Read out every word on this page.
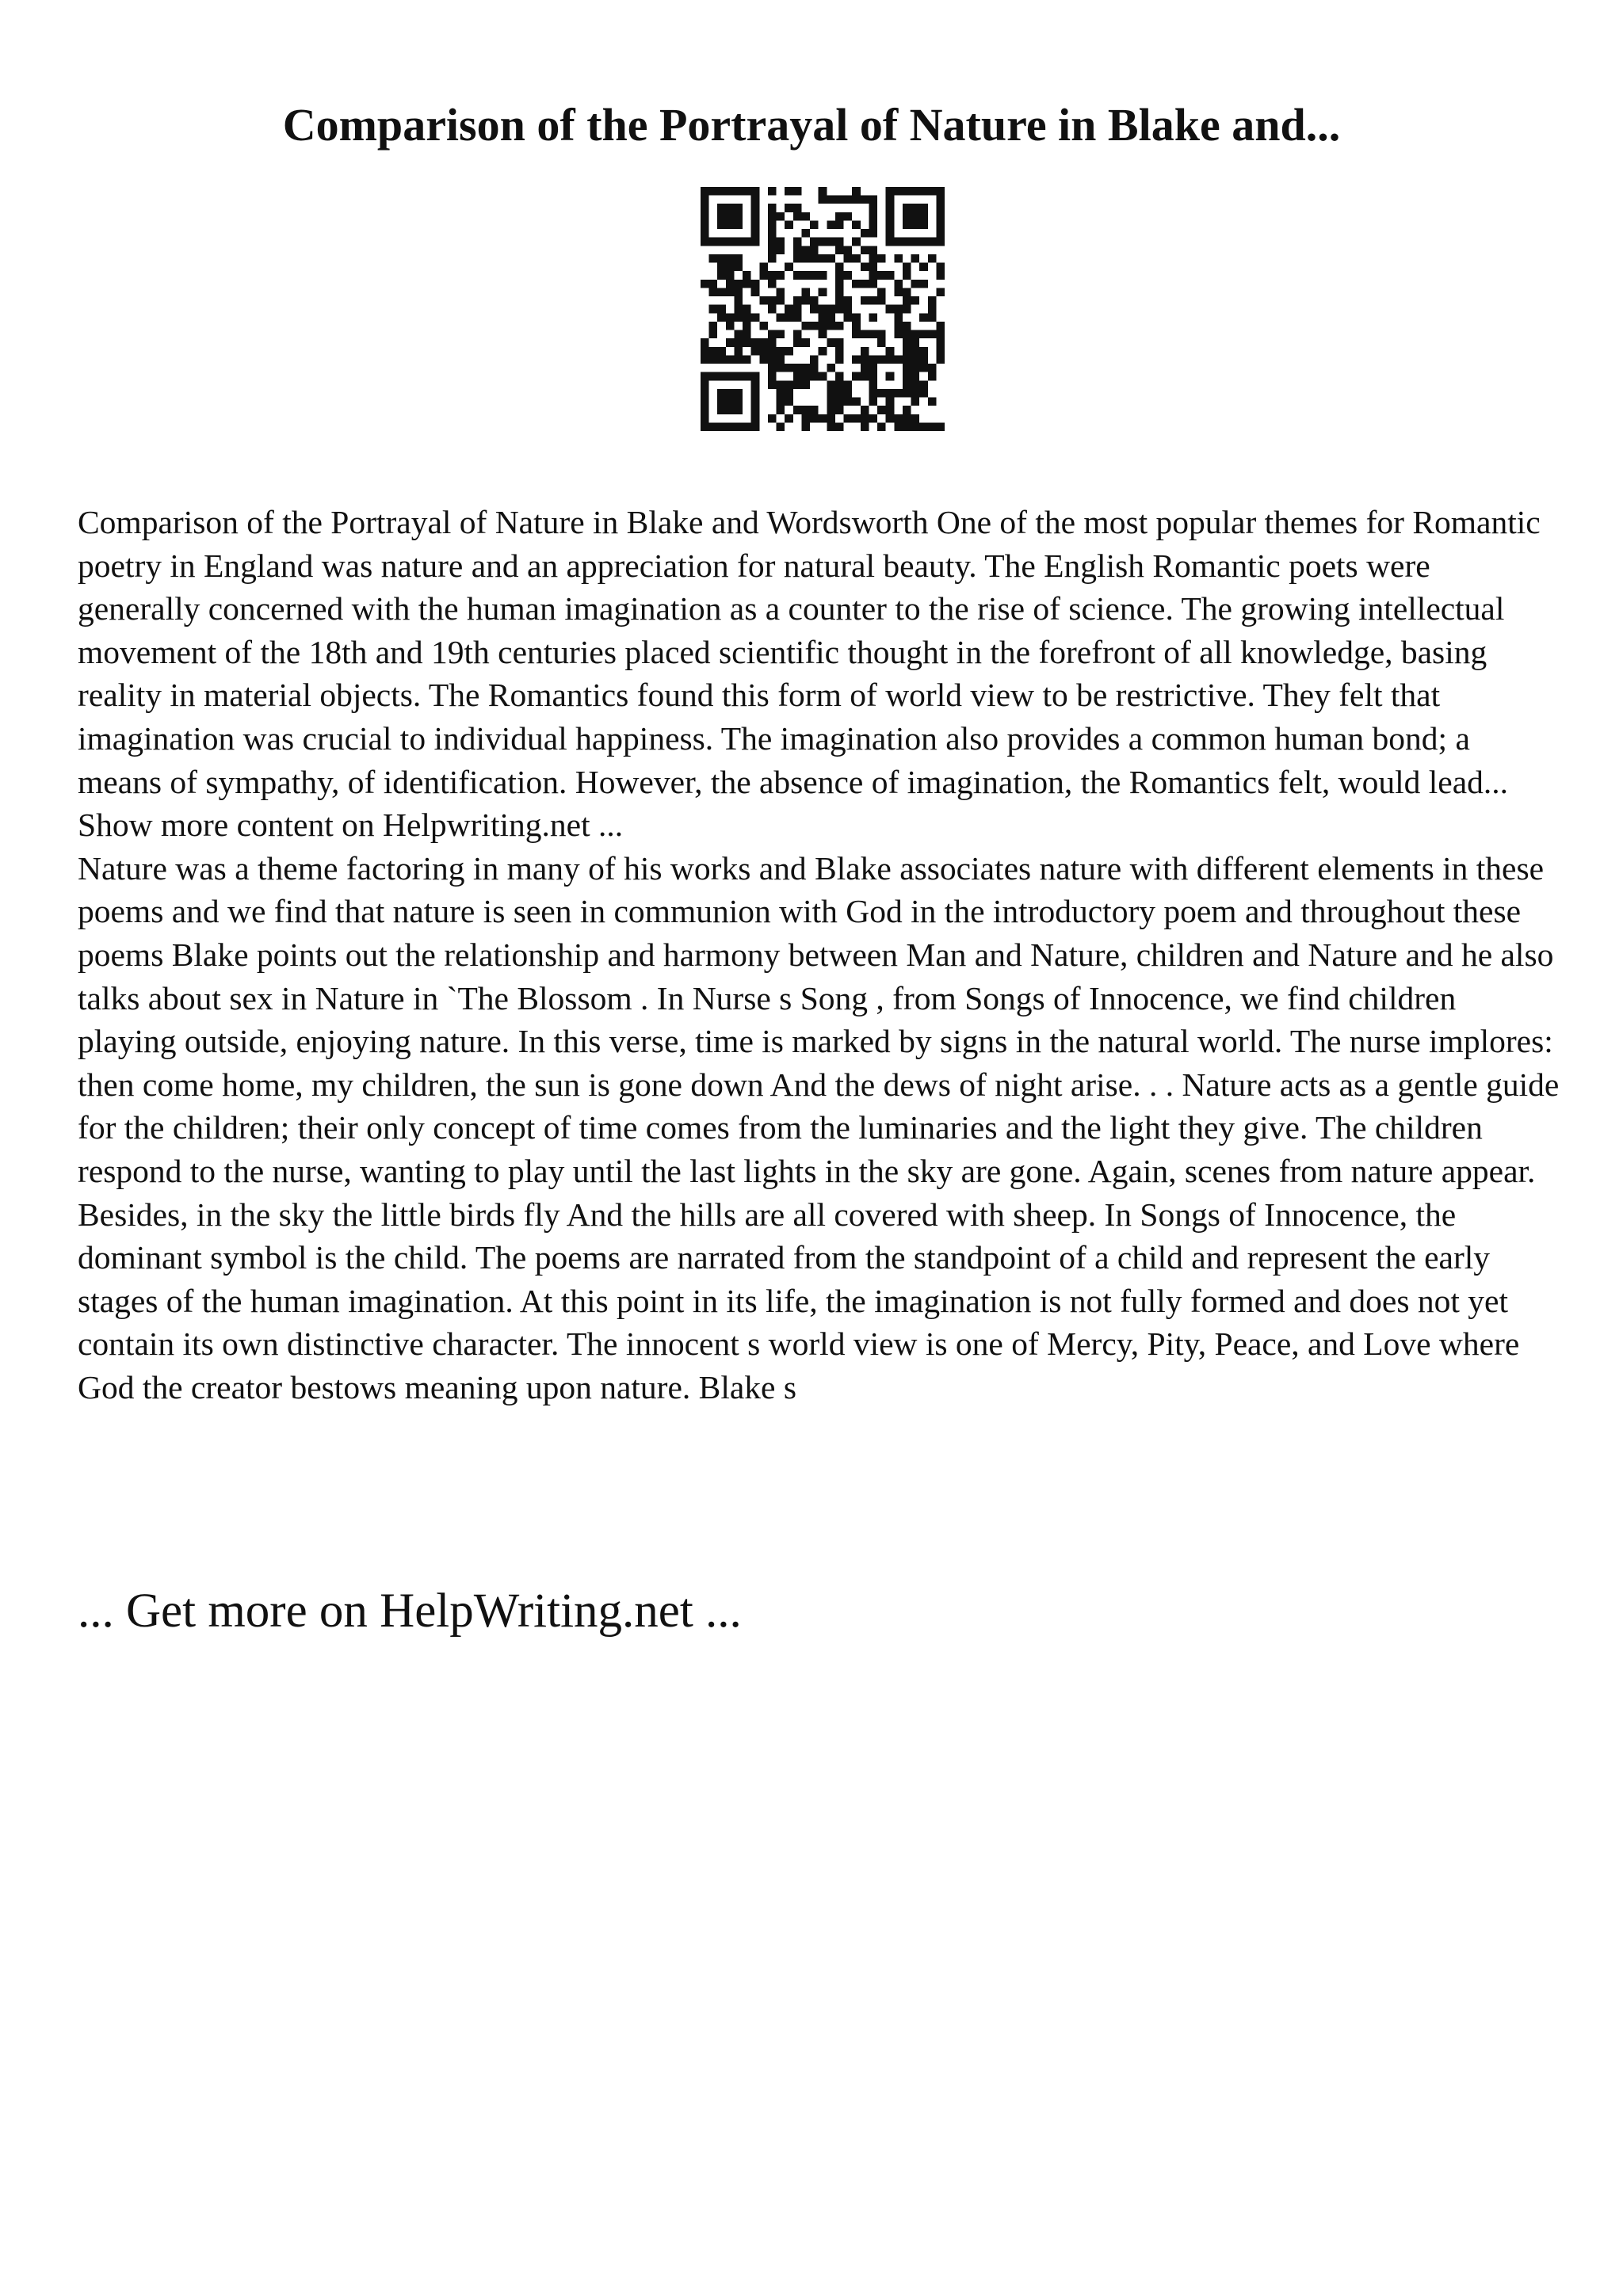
Comparison of the Portrayal of Nature in Blake and...

Comparison of the Portrayal of Nature in Blake and Wordsworth One of the most popular themes for Romantic poetry in England was nature and an appreciation for natural beauty. The English Romantic poets were generally concerned with the human imagination as a counter to the rise of science. The growing intellectual movement of the 18th and 19th centuries placed scientific thought in the forefront of all knowledge, basing reality in material objects. The Romantics found this form of world view to be restrictive. They felt that imagination was crucial to individual happiness. The imagination also provides a common human bond; a means of sympathy, of identification. However, the absence of imagination, the Romantics felt, would lead... Show more content on Helpwriting.net ...

Nature was a theme factoring in many of his works and Blake associates nature with different elements in these poems and we find that nature is seen in communion with God in the introductory poem and throughout these poems Blake points out the relationship and harmony between Man and Nature, children and Nature and he also talks about sex in Nature in `The Blossom . In Nurse s Song , from Songs of Innocence, we find children playing outside, enjoying nature. In this verse, time is marked by signs in the natural world. The nurse implores: then come home, my children, the sun is gone down And the dews of night arise. . . Nature acts as a gentle guide for the children; their only concept of time comes from the luminaries and the light they give. The children respond to the nurse, wanting to play until the last lights in the sky are gone. Again, scenes from nature appear. Besides, in the sky the little birds fly And the hills are all covered with sheep. In Songs of Innocence, the dominant symbol is the child. The poems are narrated from the standpoint of a child and represent the early stages of the human imagination. At this point in its life, the imagination is not fully formed and does not yet contain its own distinctive character. The innocent s world view is one of Mercy, Pity, Peace, and Love where God the creator bestows meaning upon nature. Blake s

... Get more on HelpWriting.net ...
